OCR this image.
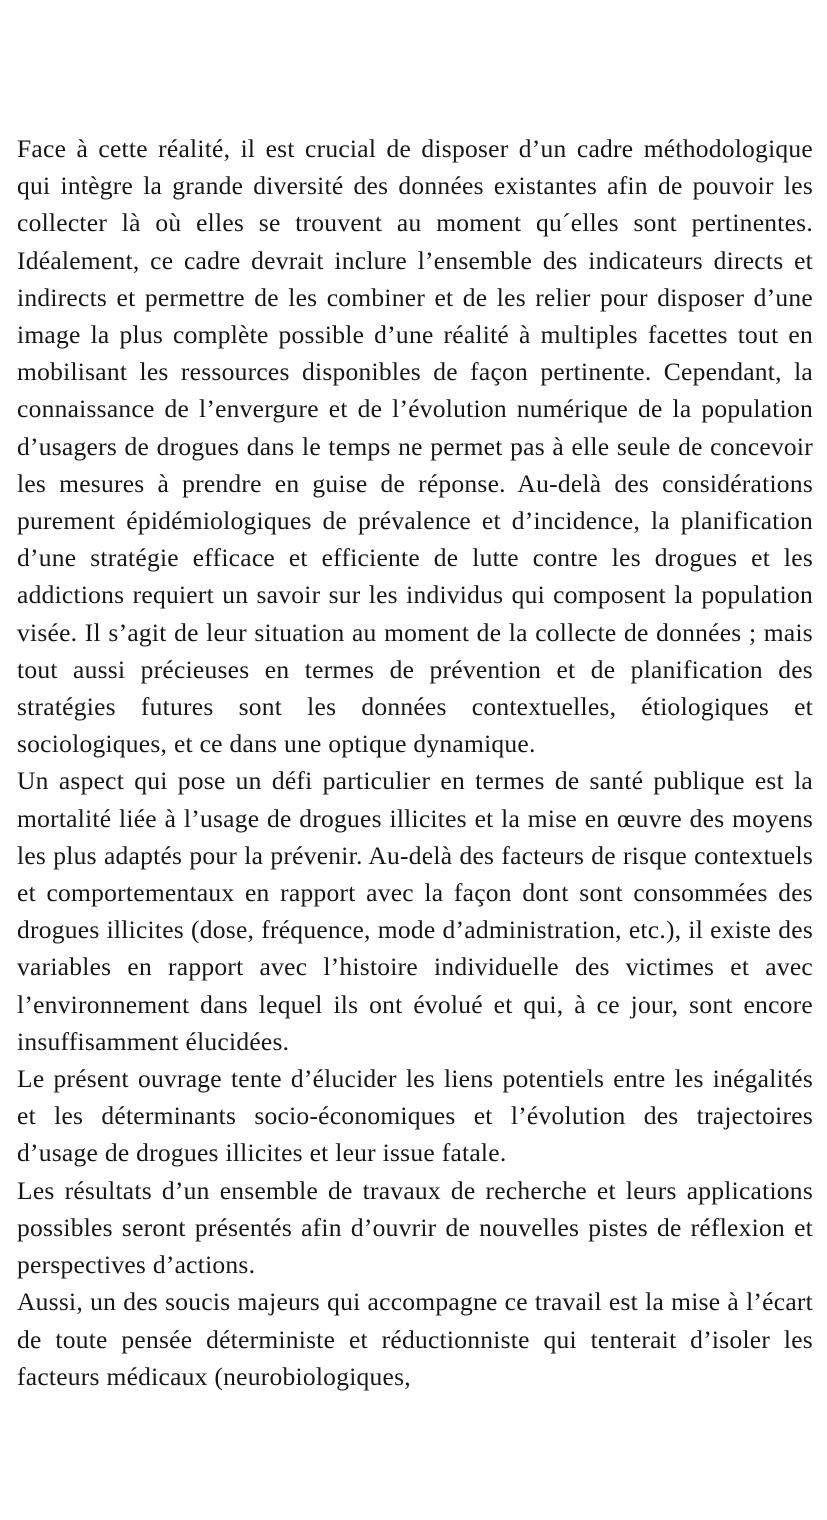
Face à cette réalité, il est crucial de disposer d’un cadre méthodologique qui intègre la grande diversité des données existantes afin de pouvoir les collecter là où elles se trouvent au moment qu´elles sont pertinentes. Idéalement, ce cadre devrait inclure l’ensemble des indicateurs directs et indirects et permettre de les combiner et de les relier pour disposer d’une image la plus complète possible d’une réalité à multiples facettes tout en mobilisant les ressources disponibles de façon pertinente. Cependant, la connaissance de l’envergure et de l’évolution numérique de la population d’usagers de drogues dans le temps ne permet pas à elle seule de concevoir les mesures à prendre en guise de réponse. Au-delà des considérations purement épidémiologiques de prévalence et d’incidence, la planification d’une stratégie efficace et efficiente de lutte contre les drogues et les addictions requiert un savoir sur les individus qui composent la population visée. Il s’agit de leur situation au moment de la collecte de données ; mais tout aussi précieuses en termes de prévention et de planification des stratégies futures sont les données contextuelles, étiologiques et sociologiques, et ce dans une optique dynamique.

Un aspect qui pose un défi particulier en termes de santé publique est la mortalité liée à l’usage de drogues illicites et la mise en œuvre des moyens les plus adaptés pour la prévenir. Au-delà des facteurs de risque contextuels et comportementaux en rapport avec la façon dont sont consommées des drogues illicites (dose, fréquence, mode d’administration, etc.), il existe des variables en rapport avec l’histoire individuelle des victimes et avec l’environnement dans lequel ils ont évolué et qui, à ce jour, sont encore insuffisamment élucidées.

Le présent ouvrage tente d’élucider les liens potentiels entre les inégalités et les déterminants socio-économiques et l’évolution des trajectoires d’usage de drogues illicites et leur issue fatale.

Les résultats d’un ensemble de travaux de recherche et leurs applications possibles seront présentés afin d’ouvrir de nouvelles pistes de réflexion et perspectives d’actions.

Aussi, un des soucis majeurs qui accompagne ce travail est la mise à l’écart de toute pensée déterministe et réductionniste qui tenterait d’isoler les facteurs médicaux (neurobiologiques,
